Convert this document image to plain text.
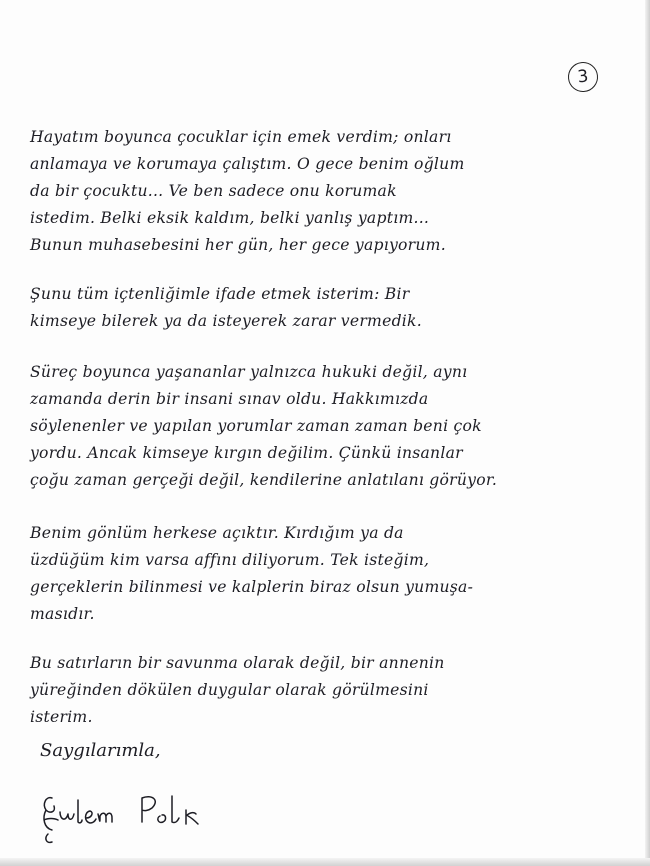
3
Hayatım boyunca çocuklar için emek verdim; onları
anlamaya ve korumaya çalıştım. O gece benim oğlum
da bir çocuktu... Ve ben sadece onu korumak
istedim. Belki eksik kaldım, belki yanlış yaptım...
Bunun muhasebesini her gün, her gece yapıyorum.
Şunu tüm içtenliğimle ifade etmek isterim: Bir
kimseye bilerek ya da isteyerek zarar vermedik.
Süreç boyunca yaşananlar yalnızca hukuki değil, aynı
zamanda derin bir insani sınav oldu. Hakkımızda
söylenenler ve yapılan yorumlar zaman zaman beni çok
yordu. Ancak kimseye kırgın değilim. Çünkü insanlar
çoğu zaman gerçeği değil, kendilerine anlatılanı görüyor.
Benim gönlüm herkese açıktır. Kırdığım ya da
üzdüğüm kim varsa affını diliyorum. Tek isteğim,
gerçeklerin bilinmesi ve kalplerin biraz olsun yumuşa-
masıdır.
Bu satırların bir savunma olarak değil, bir annenin
yüreğinden dökülen duygular olarak görülmesini
isterim.
Saygılarımla,
